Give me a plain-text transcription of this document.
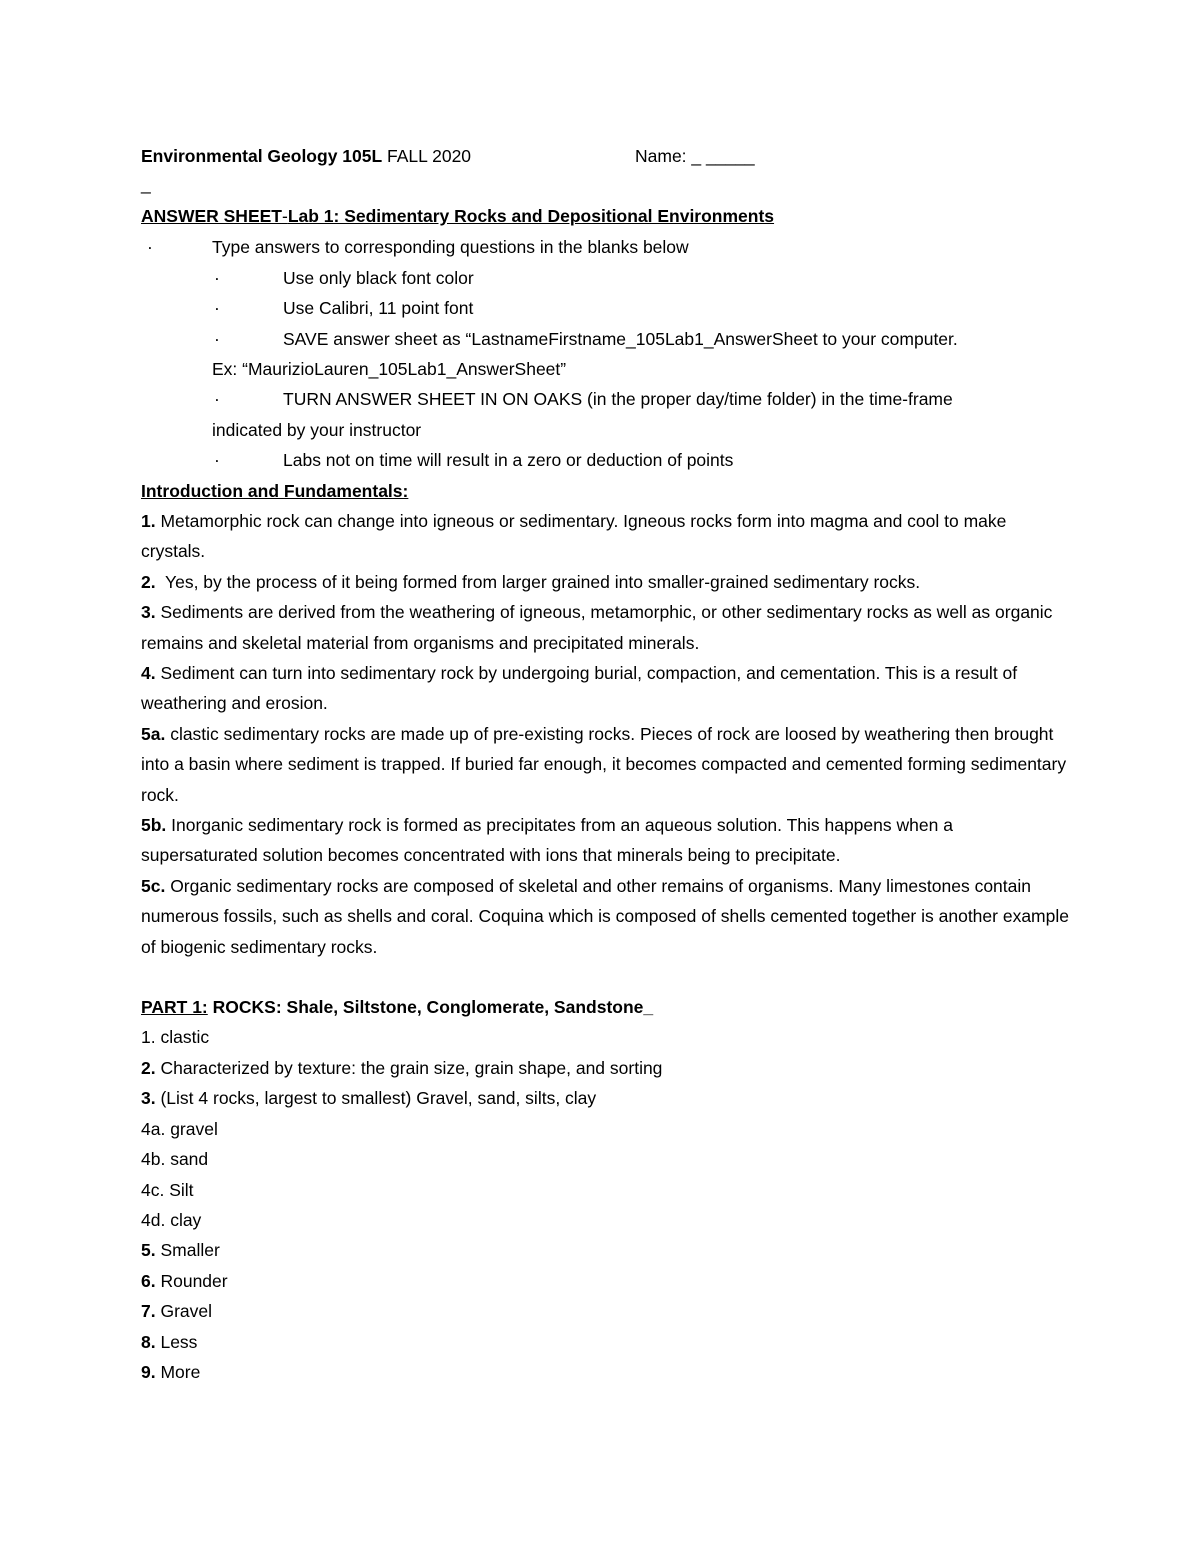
Environmental Geology 105L FALL 2020	Name: _ _____
_
ANSWER SHEET-Lab 1: Sedimentary Rocks and Depositional Environments
·	Type answers to corresponding questions in the blanks below
·	Use only black font color
·	Use Calibri, 11 point font
·	SAVE answer sheet as “LastnameFirstname_105Lab1_AnswerSheet to your computer.
Ex: “MaurizioLauren_105Lab1_AnswerSheet”
·	TURN ANSWER SHEET IN ON OAKS (in the proper day/time folder) in the time-frame
indicated by your instructor
·	Labs not on time will result in a zero or deduction of points
Introduction and Fundamentals:
1. Metamorphic rock can change into igneous or sedimentary. Igneous rocks form into magma and cool to make crystals.
2.  Yes, by the process of it being formed from larger grained into smaller-grained sedimentary rocks.
3. Sediments are derived from the weathering of igneous, metamorphic, or other sedimentary rocks as well as organic remains and skeletal material from organisms and precipitated minerals.
4. Sediment can turn into sedimentary rock by undergoing burial, compaction, and cementation. This is a result of weathering and erosion.
5a. clastic sedimentary rocks are made up of pre-existing rocks. Pieces of rock are loosed by weathering then brought into a basin where sediment is trapped. If buried far enough, it becomes compacted and cemented forming sedimentary rock.
5b. Inorganic sedimentary rock is formed as precipitates from an aqueous solution. This happens when a supersaturated solution becomes concentrated with ions that minerals being to precipitate.
5c. Organic sedimentary rocks are composed of skeletal and other remains of organisms. Many limestones contain numerous fossils, such as shells and coral. Coquina which is composed of shells cemented together is another example of biogenic sedimentary rocks.
PART 1: ROCKS: Shale, Siltstone, Conglomerate, Sandstone_
1. clastic
2. Characterized by texture: the grain size, grain shape, and sorting
3. (List 4 rocks, largest to smallest) Gravel, sand, silts, clay
4a. gravel
4b. sand
4c. Silt
4d. clay
5. Smaller
6. Rounder
7. Gravel
8. Less
9. More
